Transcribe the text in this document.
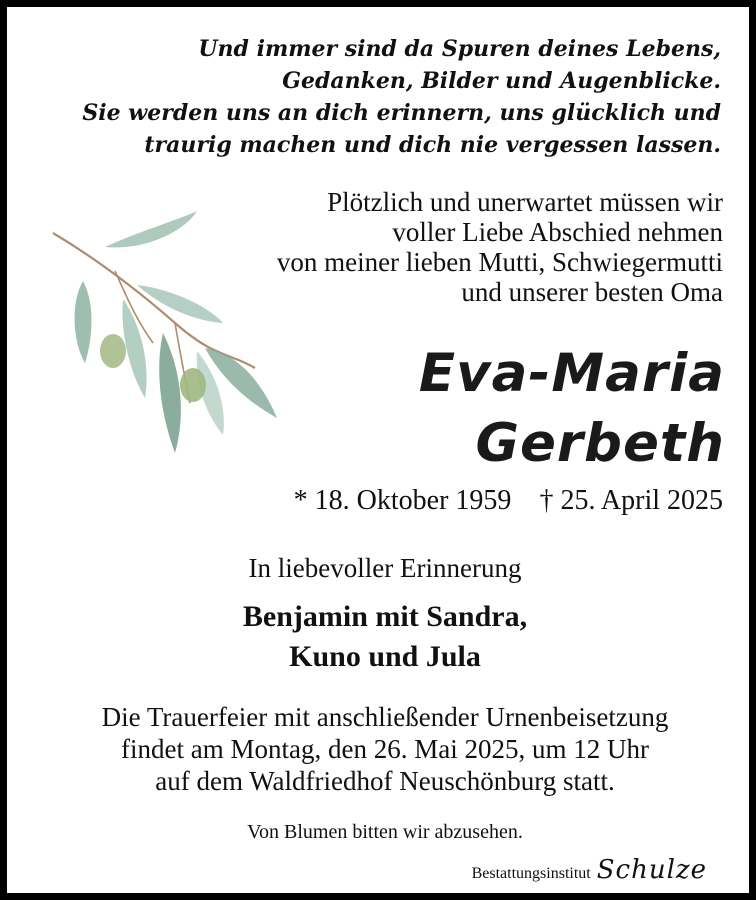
Und immer sind da Spuren deines Lebens,
Gedanken, Bilder und Augenblicke.
Sie werden uns an dich erinnern, uns glücklich und
traurig machen und dich nie vergessen lassen.
Plötzlich und unerwartet müssen wir
voller Liebe Abschied nehmen
von meiner lieben Mutti, Schwiegermutti
und unserer besten Oma
Eva-Maria
Gerbeth
* 18. Oktober 1959 † 25. April 2025
In liebevoller Erinnerung
Benjamin mit Sandra,
Kuno und Jula
Die Trauerfeier mit anschließender Urnenbeisetzung
findet am Montag, den 26. Mai 2025, um 12 Uhr
auf dem Waldfriedhof Neuschönburg statt.
Von Blumen bitten wir abzusehen.
Bestattungsinstitut Schulze
